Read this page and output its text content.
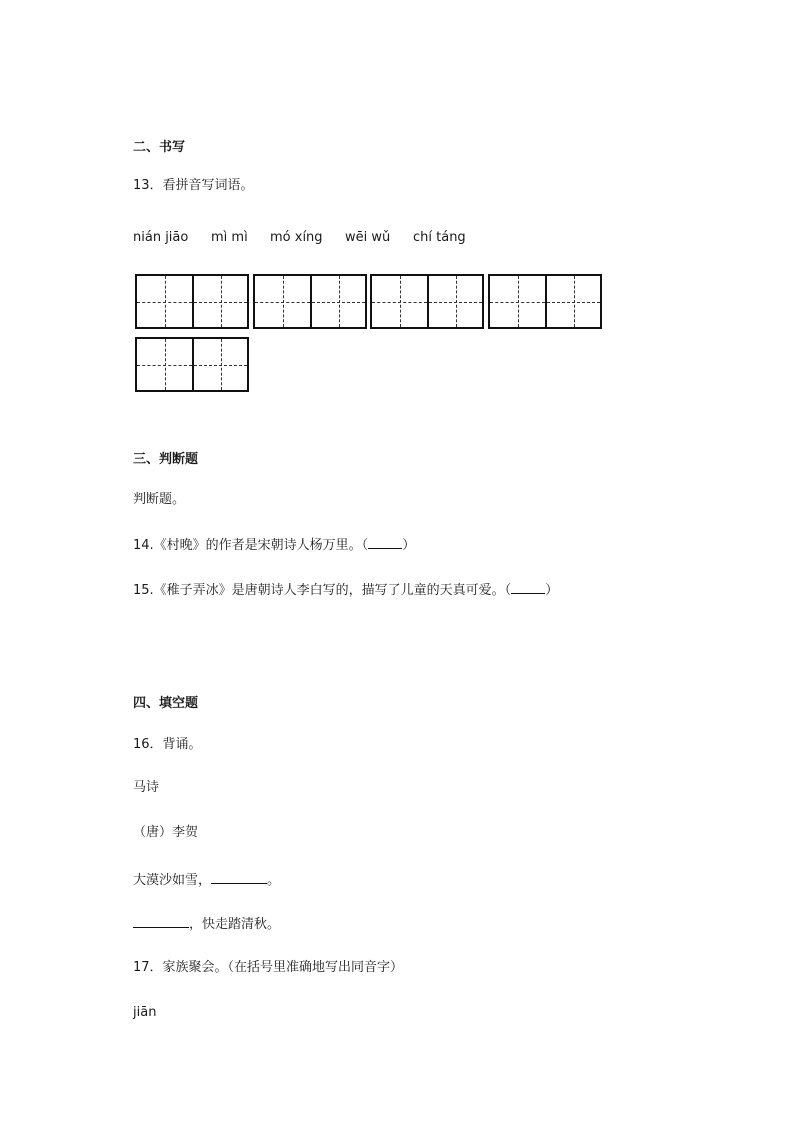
二、书写
13．看拼音写词语。
nián jiāo mì mì mó xíng wēi wǔ chí táng
三、判断题
判断题。
14.《村晚》的作者是宋朝诗人杨万里。（	）
15.《稚子弄冰》是唐朝诗人李白写的，描写了儿童的天真可爱。（	）
四、填空题
16．背诵。
马诗
（唐）李贺
大漠沙如雪，	。
，快走踏清秋。
17．家族聚会。（在括号里准确地写出同音字）
jiān
